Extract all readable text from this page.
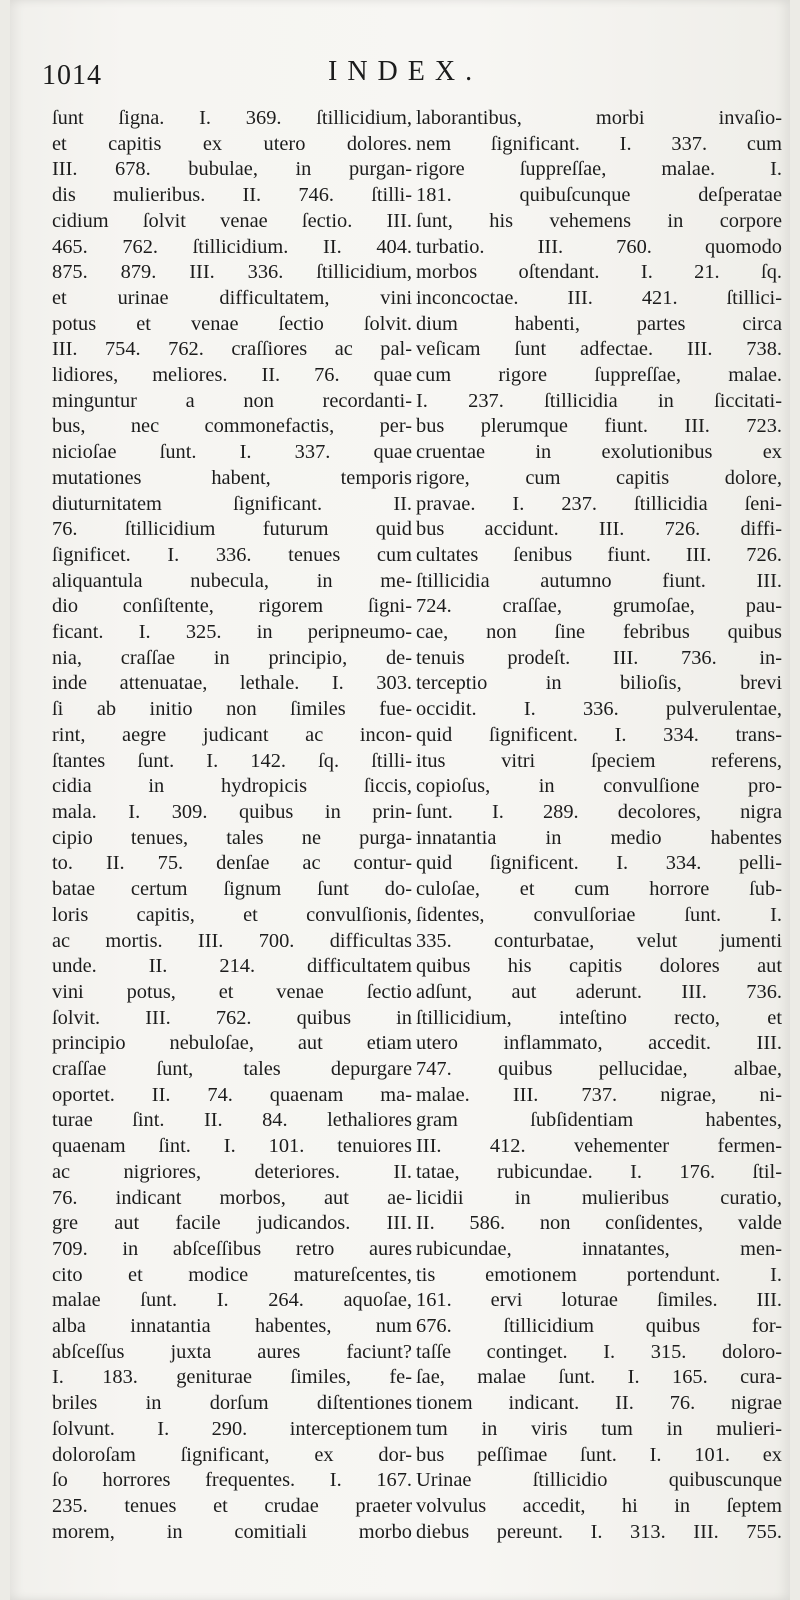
1014	INDEX.
ſunt ſigna. I. 369. ſtillicidium,
et capitis ex utero dolores.
III. 678. bubulae, in purgan-
dis mulieribus. II. 746. ſtilli-
cidium ſolvit venae ſectio. III.
465. 762. ſtillicidium. II. 404.
875. 879. III. 336. ſtillicidium,
et urinae difficultatem, vini
potus et venae ſectio ſolvit.
III. 754. 762. craſſiores ac pal-
lidiores, meliores. II. 76. quae
minguntur a non recordanti-
bus, nec commonefactis, per-
nicioſae ſunt. I. 337. quae
mutationes habent, temporis
diuturnitatem ſignificant. II.
76. ſtillicidium futurum quid
ſignificet. I. 336. tenues cum
aliquantula nubecula, in me-
dio conſiſtente, rigorem ſigni-
ficant. I. 325. in peripneumo-
nia, craſſae in principio, de-
inde attenuatae, lethale. I. 303.
ſi ab initio non ſimiles fue-
rint, aegre judicant ac incon-
ſtantes ſunt. I. 142. ſq. ſtilli-
cidia in hydropicis ſiccis,
mala. I. 309. quibus in prin-
cipio tenues, tales ne purga-
to. II. 75. denſae ac contur-
batae certum ſignum ſunt do-
loris capitis, et convulſionis,
ac mortis. III. 700. difficultas
unde. II. 214. difficultatem
vini potus, et venae ſectio
ſolvit. III. 762. quibus in
principio nebuloſae, aut etiam
craſſae ſunt, tales depurgare
oportet. II. 74. quaenam ma-
turae ſint. II. 84. lethaliores
quaenam ſint. I. 101. tenuiores
ac nigriores, deteriores. II.
76. indicant morbos, aut ae-
gre aut facile judicandos. III.
709. in abſceſſibus retro aures
cito et modice matureſcentes,
malae ſunt. I. 264. aquoſae,
alba innatantia habentes, num
abſceſſus juxta aures faciunt?
I. 183. geniturae ſimiles, fe-
briles in dorſum diſtentiones
ſolvunt. I. 290. interceptionem
doloroſam ſignificant, ex dor-
ſo horrores frequentes. I. 167.
235. tenues et crudae praeter
morem, in comitiali morbo
laborantibus, morbi invaſio-
nem ſignificant. I. 337. cum
rigore ſuppreſſae, malae. I.
181. quibuſcunque deſperatae
ſunt, his vehemens in corpore
turbatio. III. 760. quomodo
morbos oſtendant. I. 21. ſq.
inconcoctae. III. 421. ſtillici-
dium habenti, partes circa
veſicam ſunt adfectae. III. 738.
cum rigore ſuppreſſae, malae.
I. 237. ſtillicidia in ſiccitati-
bus plerumque fiunt. III. 723.
cruentae in exolutionibus ex
rigore, cum capitis dolore,
pravae. I. 237. ſtillicidia ſeni-
bus accidunt. III. 726. diffi-
cultates ſenibus fiunt. III. 726.
ſtillicidia autumno fiunt. III.
724. craſſae, grumoſae, pau-
cae, non ſine febribus quibus
tenuis prodeſt. III. 736. in-
terceptio in bilioſis, brevi
occidit. I. 336. pulverulentae,
quid ſignificent. I. 334. trans-
itus vitri ſpeciem referens,
copioſus, in convulſione pro-
ſunt. I. 289. decolores, nigra
innatantia in medio habentes
quid ſignificent. I. 334. pelli-
culoſae, et cum horrore ſub-
ſidentes, convulſoriae ſunt. I.
335. conturbatae, velut jumenti
quibus his capitis dolores aut
adſunt, aut aderunt. III. 736.
ſtillicidium, inteſtino recto, et
utero inflammato, accedit. III.
747. quibus pellucidae, albae,
malae. III. 737. nigrae, ni-
gram ſubſidentiam habentes,
III. 412. vehementer fermen-
tatae, rubicundae. I. 176. ſtil-
licidii in mulieribus curatio,
II. 586. non conſidentes, valde
rubicundae, innatantes, men-
tis emotionem portendunt. I.
161. ervi loturae ſimiles. III.
676. ſtillicidium quibus for-
taſſe continget. I. 315. doloro-
ſae, malae ſunt. I. 165. cura-
tionem indicant. II. 76. nigrae
tum in viris tum in mulieri-
bus peſſimae ſunt. I. 101. ex
Urinae ſtillicidio quibuscunque
volvulus accedit, hi in ſeptem
diebus pereunt. I. 313. III. 755.
